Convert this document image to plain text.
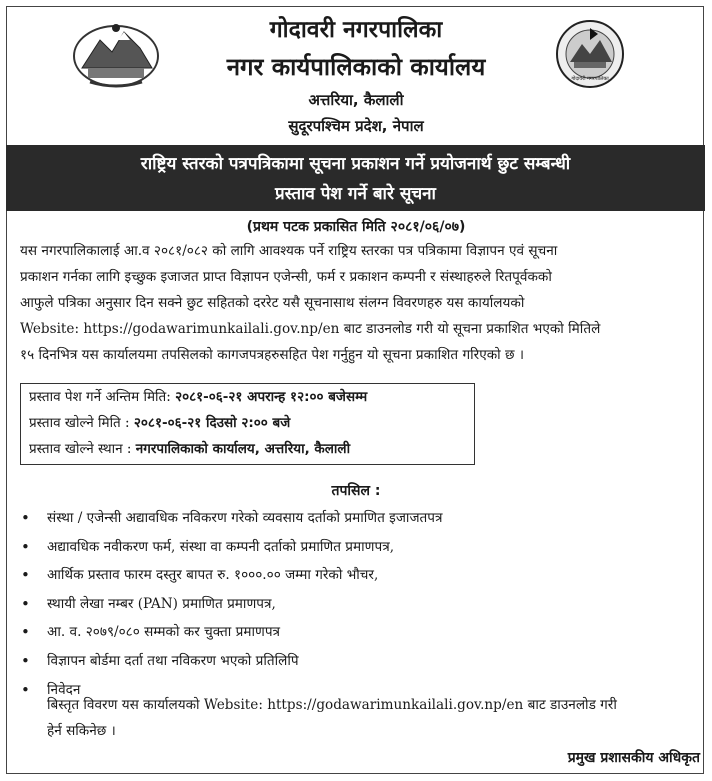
गोदावरी नगरपालिका
गोदावरी नगरपालिका
नगर कार्यपालिकाको कार्यालय
अत्तरिया, कैलाली
सुदूरपश्चिम प्रदेश, नेपाल
राष्ट्रिय स्तरको पत्रपत्रिकामा सूचना प्रकाशन गर्ने प्रयोजनार्थ छुट सम्बन्धी
प्रस्ताव पेश गर्ने बारे सूचना
(प्रथम पटक प्रकासित मिति २०८१/०६/०७)
यस नगरपालिकालाई आ.व २०८१/०८२ को लागि आवश्यक पर्ने राष्ट्रिय स्तरका पत्र पत्रिकामा विज्ञापन एवं सूचना
प्रकाशन गर्नका लागि इच्छुक इजाजत प्राप्त विज्ञापन एजेन्सी, फर्म र प्रकाशन कम्पनी र संस्थाहरुले रितपूर्वकको
आफुले पत्रिका अनुसार दिन सक्ने छुट सहितको दररेट यसै सूचनासाथ संलग्न विवरणहरु यस कार्यालयको
Website: https://godawarimunkailali.gov.np/en बाट डाउनलोड गरी यो सूचना प्रकाशित भएको मितिले
१५ दिनभित्र यस कार्यालयमा तपसिलको कागजपत्रहरुसहित पेश गर्नुहुन यो सूचना प्रकाशित गरिएको छ ।
प्रस्ताव पेश गर्ने अन्तिम मिति: २०८१-०६-२१ अपरान्ह १२:०० बजेसम्म
प्रस्ताव खोल्ने मिति : २०८१-०६-२१ दिउसो २:०० बजे
प्रस्ताव खोल्ने स्थान : नगरपालिकाको कार्यालय, अत्तरिया, कैलाली
तपसिल :
• संस्था / एजेन्सी अद्यावधिक नविकरण गरेको व्यवसाय दर्ताको प्रमाणित इजाजतपत्र
• अद्यावधिक नवीकरण फर्म, संस्था वा कम्पनी दर्ताको प्रमाणित प्रमाणपत्र,
• आर्थिक प्रस्ताव फारम दस्तुर बापत रु. १०००.०० जम्मा गरेको भौचर,
• स्थायी लेखा नम्बर (PAN) प्रमाणित प्रमाणपत्र,
• आ. व. २०७९/०८० सम्मको कर चुक्ता प्रमाणपत्र
• विज्ञापन बोर्डमा दर्ता तथा नविकरण भएको प्रतिलिपि
• निवेदन
बिस्तृत विवरण यस कार्यालयको Website: https://godawarimunkailali.gov.np/en बाट डाउनलोड गरी
हेर्न सकिनेछ ।
प्रमुख प्रशासकीय अधिकृत
